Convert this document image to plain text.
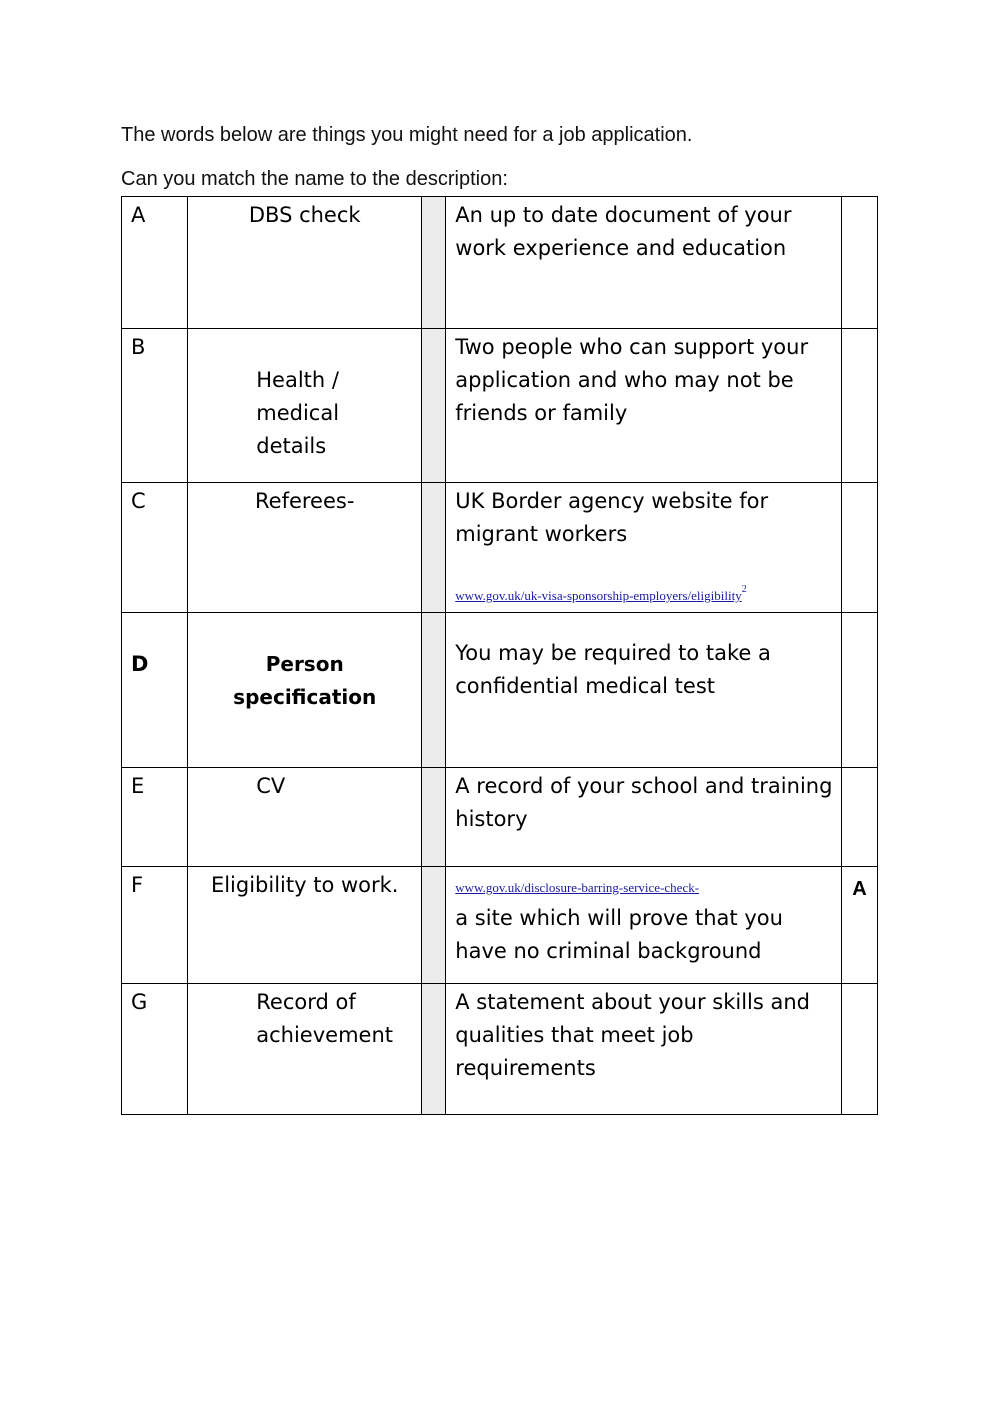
The words below are things you might need for a job application.
Can you match the name to the description:
A	DBS check		An up to date document of your work experience and education	

B	Health / medical details		Two people who can support your application and who may not be friends or family	

C	Referees-		UK Border agency website for migrant workers
www.gov.uk/uk-visa-sponsorship-employers/eligibility$^2$

D	Person specification		You may be required to take a confidential medical test	

E	CV		A record of your school and training history	

F	Eligibility to work.		www.gov.uk/disclosure-barring-service-check-
a site which will prove that you have no criminal background	A

G	Record of achievement		A statement about your skills and qualities that meet job requirements	
